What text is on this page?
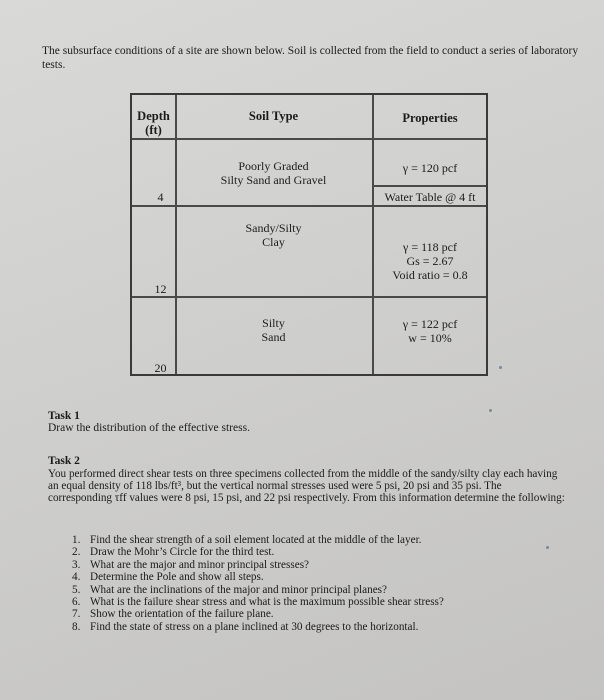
The subsurface conditions of a site are shown below. Soil is collected from the field to conduct a series of laboratory tests.
Depth
(ft)
Soil Type	Properties
4
12
20
Poorly Graded
Silty Sand and Gravel
γ = 120 pcf
Water Table @ 4 ft
Sandy/Silty
Clay	γ = 118 pcf
Gs = 2.67
Void ratio = 0.8
Silty
Sand
γ = 122 pcf
w = 10%
Task 1
Draw the distribution of the effective stress.
Task 2
You performed direct shear tests on three specimens collected from the middle of the sandy/silty clay each having an equal density of 118 lbs/ft³, but the vertical normal stresses used were 5 psi, 20 psi and 35 psi. The corresponding τff values were 8 psi, 15 psi, and 22 psi respectively. From this information determine the following:
1. Find the shear strength of a soil element located at the middle of the layer.
2. Draw the Mohr’s Circle for the third test.
3. What are the major and minor principal stresses?
4. Determine the Pole and show all steps.
5. What are the inclinations of the major and minor principal planes?
6. What is the failure shear stress and what is the maximum possible shear stress?
7. Show the orientation of the failure plane.
8. Find the state of stress on a plane inclined at 30 degrees to the horizontal.
